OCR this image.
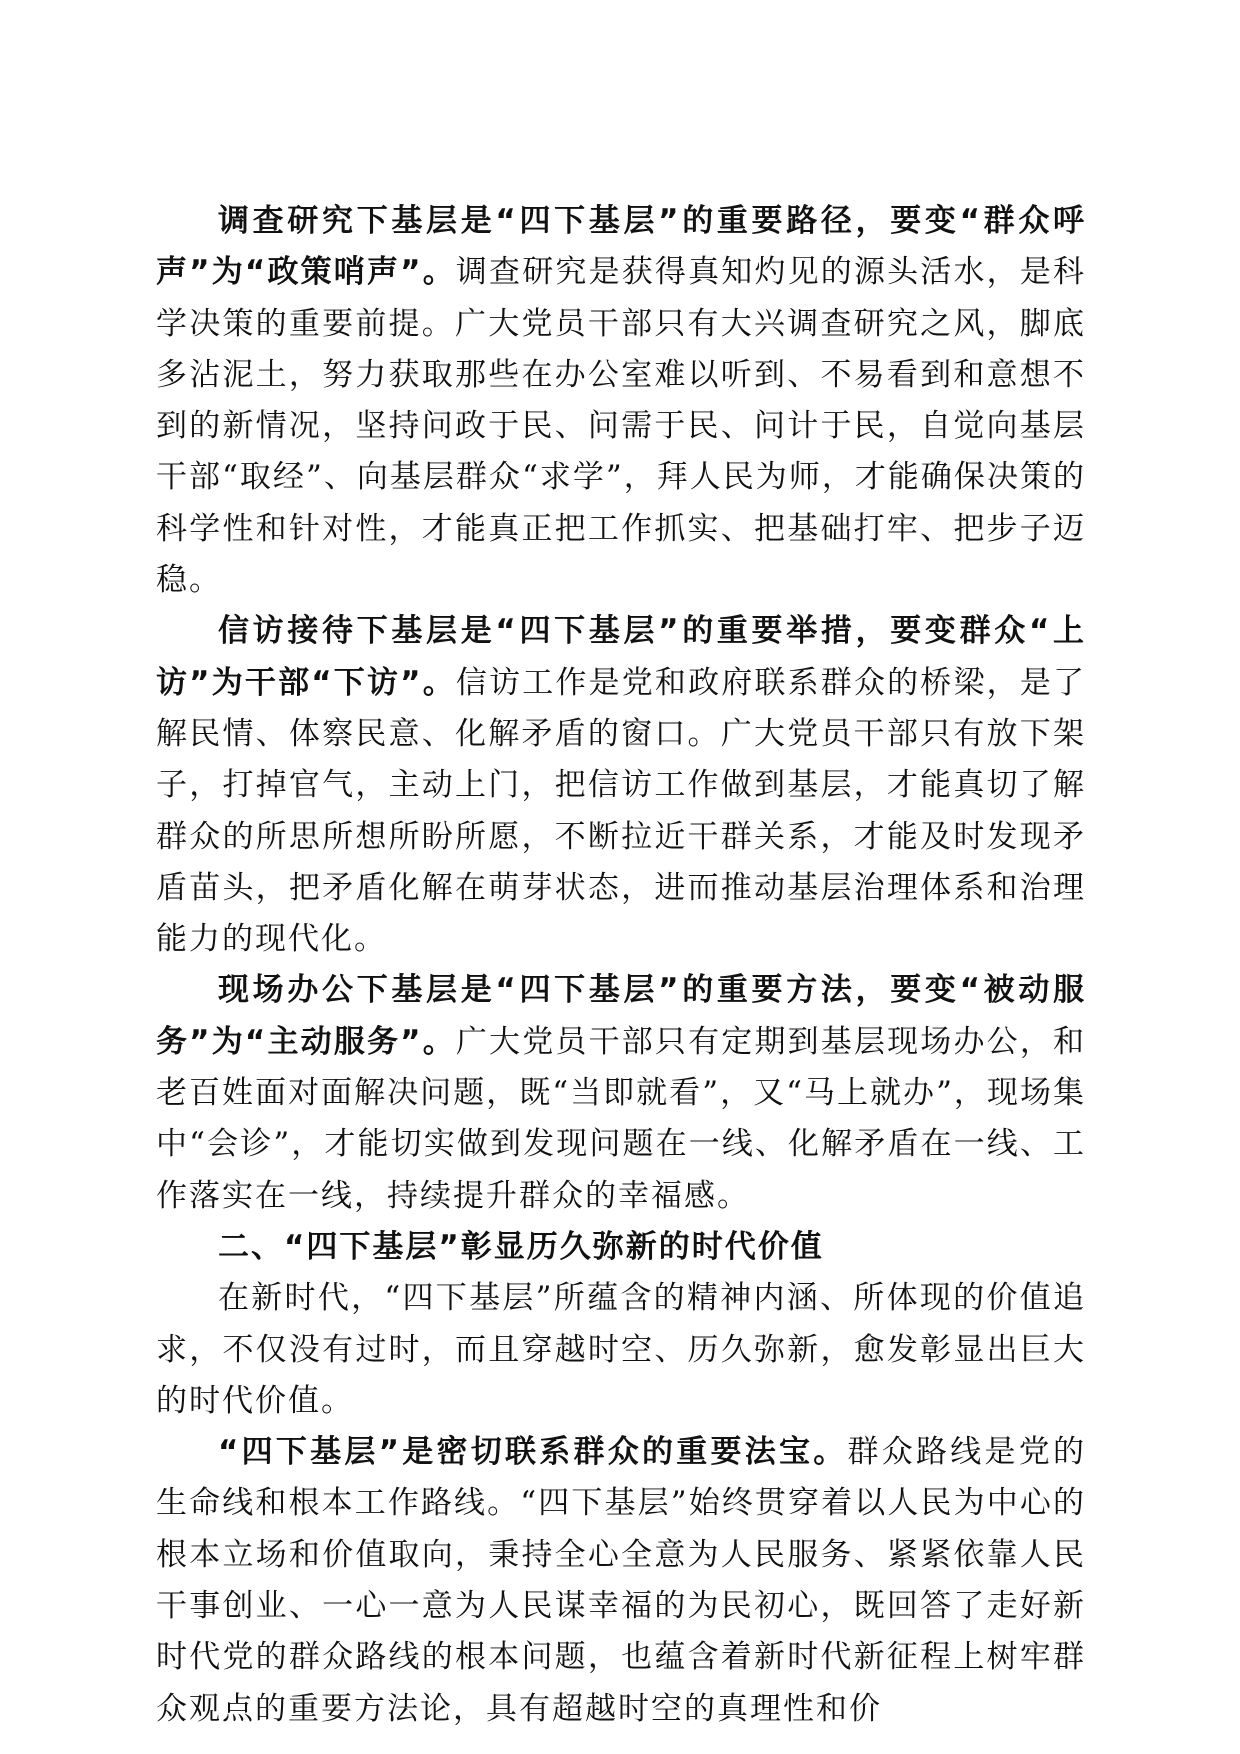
调查研究下基层是“四下基层”的重要路径，要变“群众呼声”为“政策哨声”。调查研究是获得真知灼见的源头活水，是科学决策的重要前提。广大党员干部只有大兴调查研究之风，脚底多沾泥土，努力获取那些在办公室难以听到、不易看到和意想不到的新情况，坚持问政于民、问需于民、问计于民，自觉向基层干部“取经”、向基层群众“求学”，拜人民为师，才能确保决策的科学性和针对性，才能真正把工作抓实、把基础打牢、把步子迈稳。

信访接待下基层是“四下基层”的重要举措，要变群众“上访”为干部“下访”。信访工作是党和政府联系群众的桥梁，是了解民情、体察民意、化解矛盾的窗口。广大党员干部只有放下架子，打掉官气，主动上门，把信访工作做到基层，才能真切了解群众的所思所想所盼所愿，不断拉近干群关系，才能及时发现矛盾苗头，把矛盾化解在萌芽状态，进而推动基层治理体系和治理能力的现代化。

现场办公下基层是“四下基层”的重要方法，要变“被动服务”为“主动服务”。广大党员干部只有定期到基层现场办公，和老百姓面对面解决问题，既“当即就看”，又“马上就办”，现场集中“会诊”，才能切实做到发现问题在一线、化解矛盾在一线、工作落实在一线，持续提升群众的幸福感。

二、“四下基层”彰显历久弥新的时代价值

在新时代，“四下基层”所蕴含的精神内涵、所体现的价值追求，不仅没有过时，而且穿越时空、历久弥新，愈发彰显出巨大的时代价值。

“四下基层”是密切联系群众的重要法宝。群众路线是党的生命线和根本工作路线。“四下基层”始终贯穿着以人民为中心的根本立场和价值取向，秉持全心全意为人民服务、紧紧依靠人民干事创业、一心一意为人民谋幸福的为民初心，既回答了走好新时代党的群众路线的根本问题，也蕴含着新时代新征程上树牢群众观点的重要方法论，具有超越时空的真理性和价
